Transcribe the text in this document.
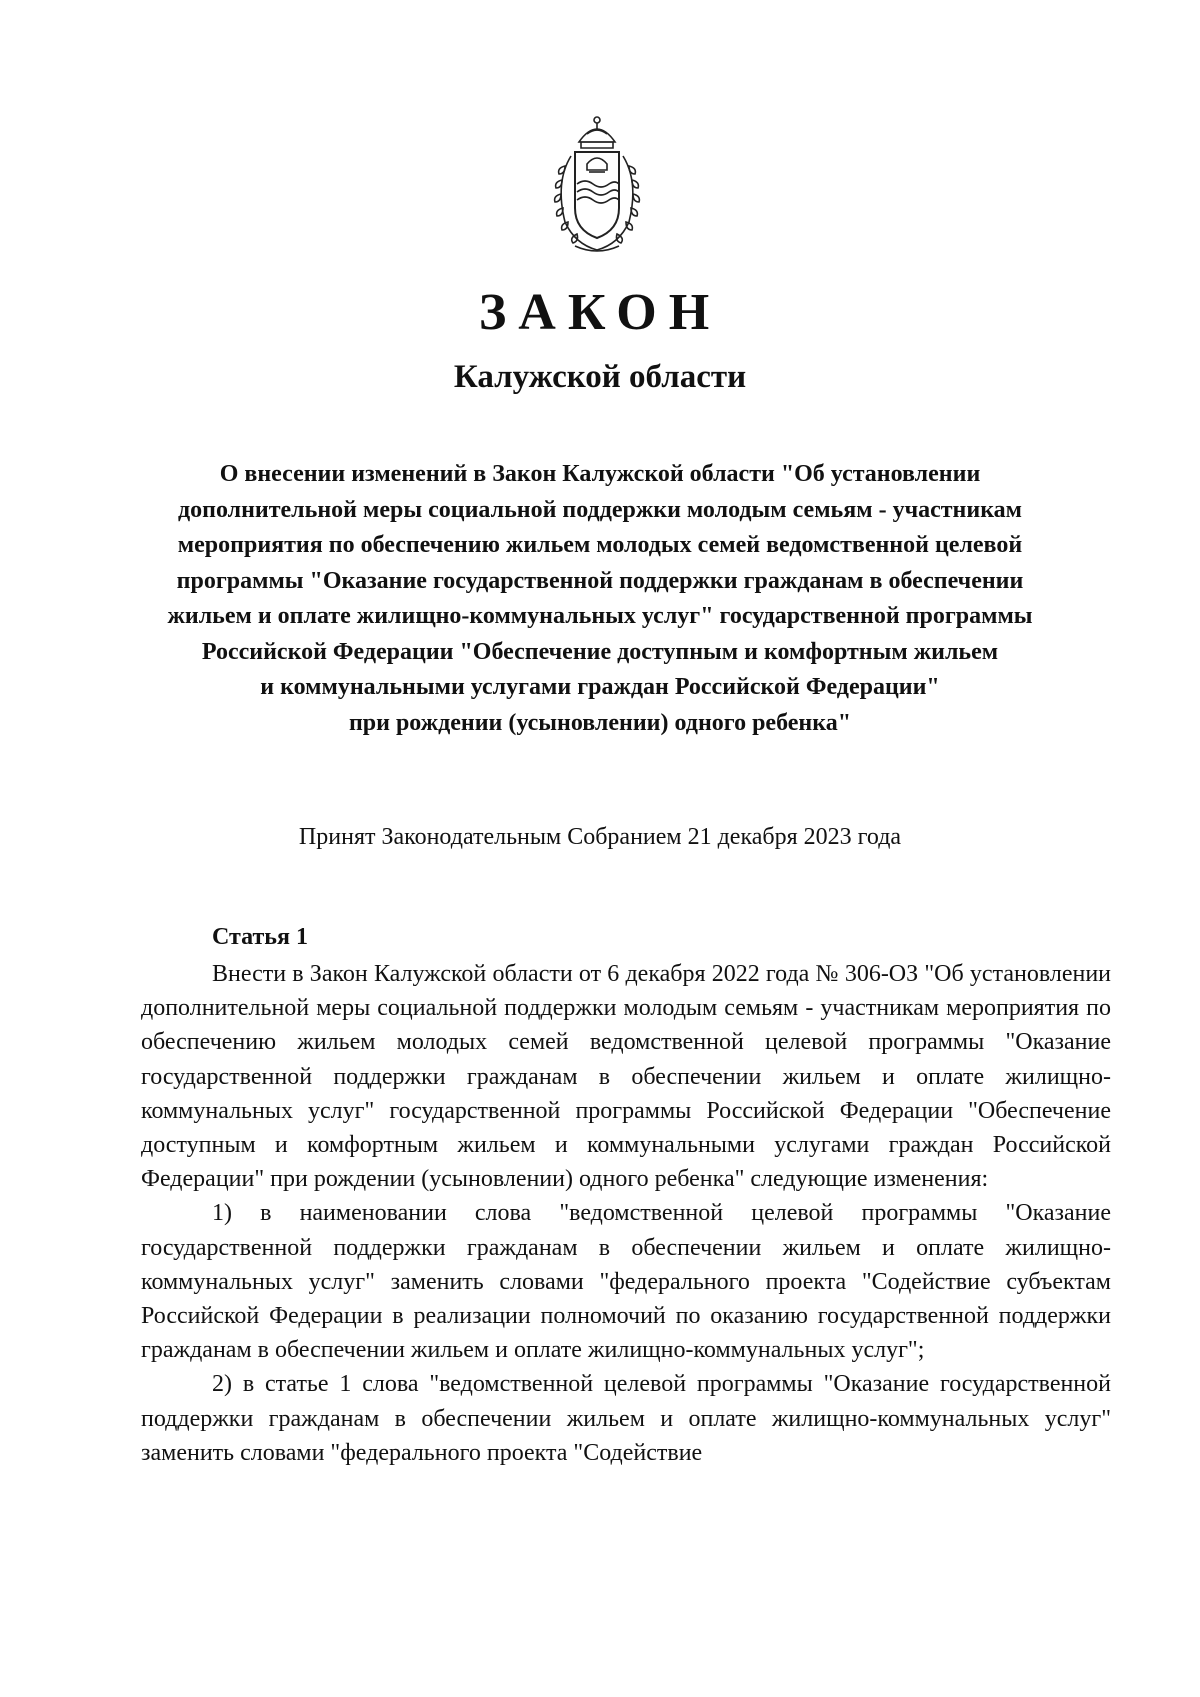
ЗАКОН
Калужской области
О внесении изменений в Закон Калужской области "Об установлении
дополнительной меры социальной поддержки молодым семьям - участникам
мероприятия по обеспечению жильем молодых семей ведомственной целевой
программы "Оказание государственной поддержки гражданам в обеспечении
жильем и оплате жилищно-коммунальных услуг" государственной программы
Российской Федерации "Обеспечение доступным и комфортным жильем
и коммунальными услугами граждан Российской Федерации"
при рождении (усыновлении) одного ребенка"
Принят Законодательным Собранием 21 декабря 2023 года
Статья 1

Внести в Закон Калужской области от 6 декабря 2022 года № 306-ОЗ "Об установлении дополнительной меры социальной поддержки молодым семьям - участникам мероприятия по обеспечению жильем молодых семей ведомственной целевой программы "Оказание государственной поддержки гражданам в обеспечении жильем и оплате жилищно-коммунальных услуг" государственной программы Российской Федерации "Обеспечение доступным и комфортным жильем и коммунальными услугами граждан Российской Федерации" при рождении (усыновлении) одного ребенка" следующие изменения:

1) в наименовании слова "ведомственной целевой программы "Оказание государственной поддержки гражданам в обеспечении жильем и оплате жилищно-коммунальных услуг" заменить словами "федерального проекта "Содействие субъектам Российской Федерации в реализации полномочий по оказанию государственной поддержки гражданам в обеспечении жильем и оплате жилищно-коммунальных услуг";

2) в статье 1 слова "ведомственной целевой программы "Оказание государственной поддержки гражданам в обеспечении жильем и оплате жилищно-коммунальных услуг" заменить словами "федерального проекта "Содействие
